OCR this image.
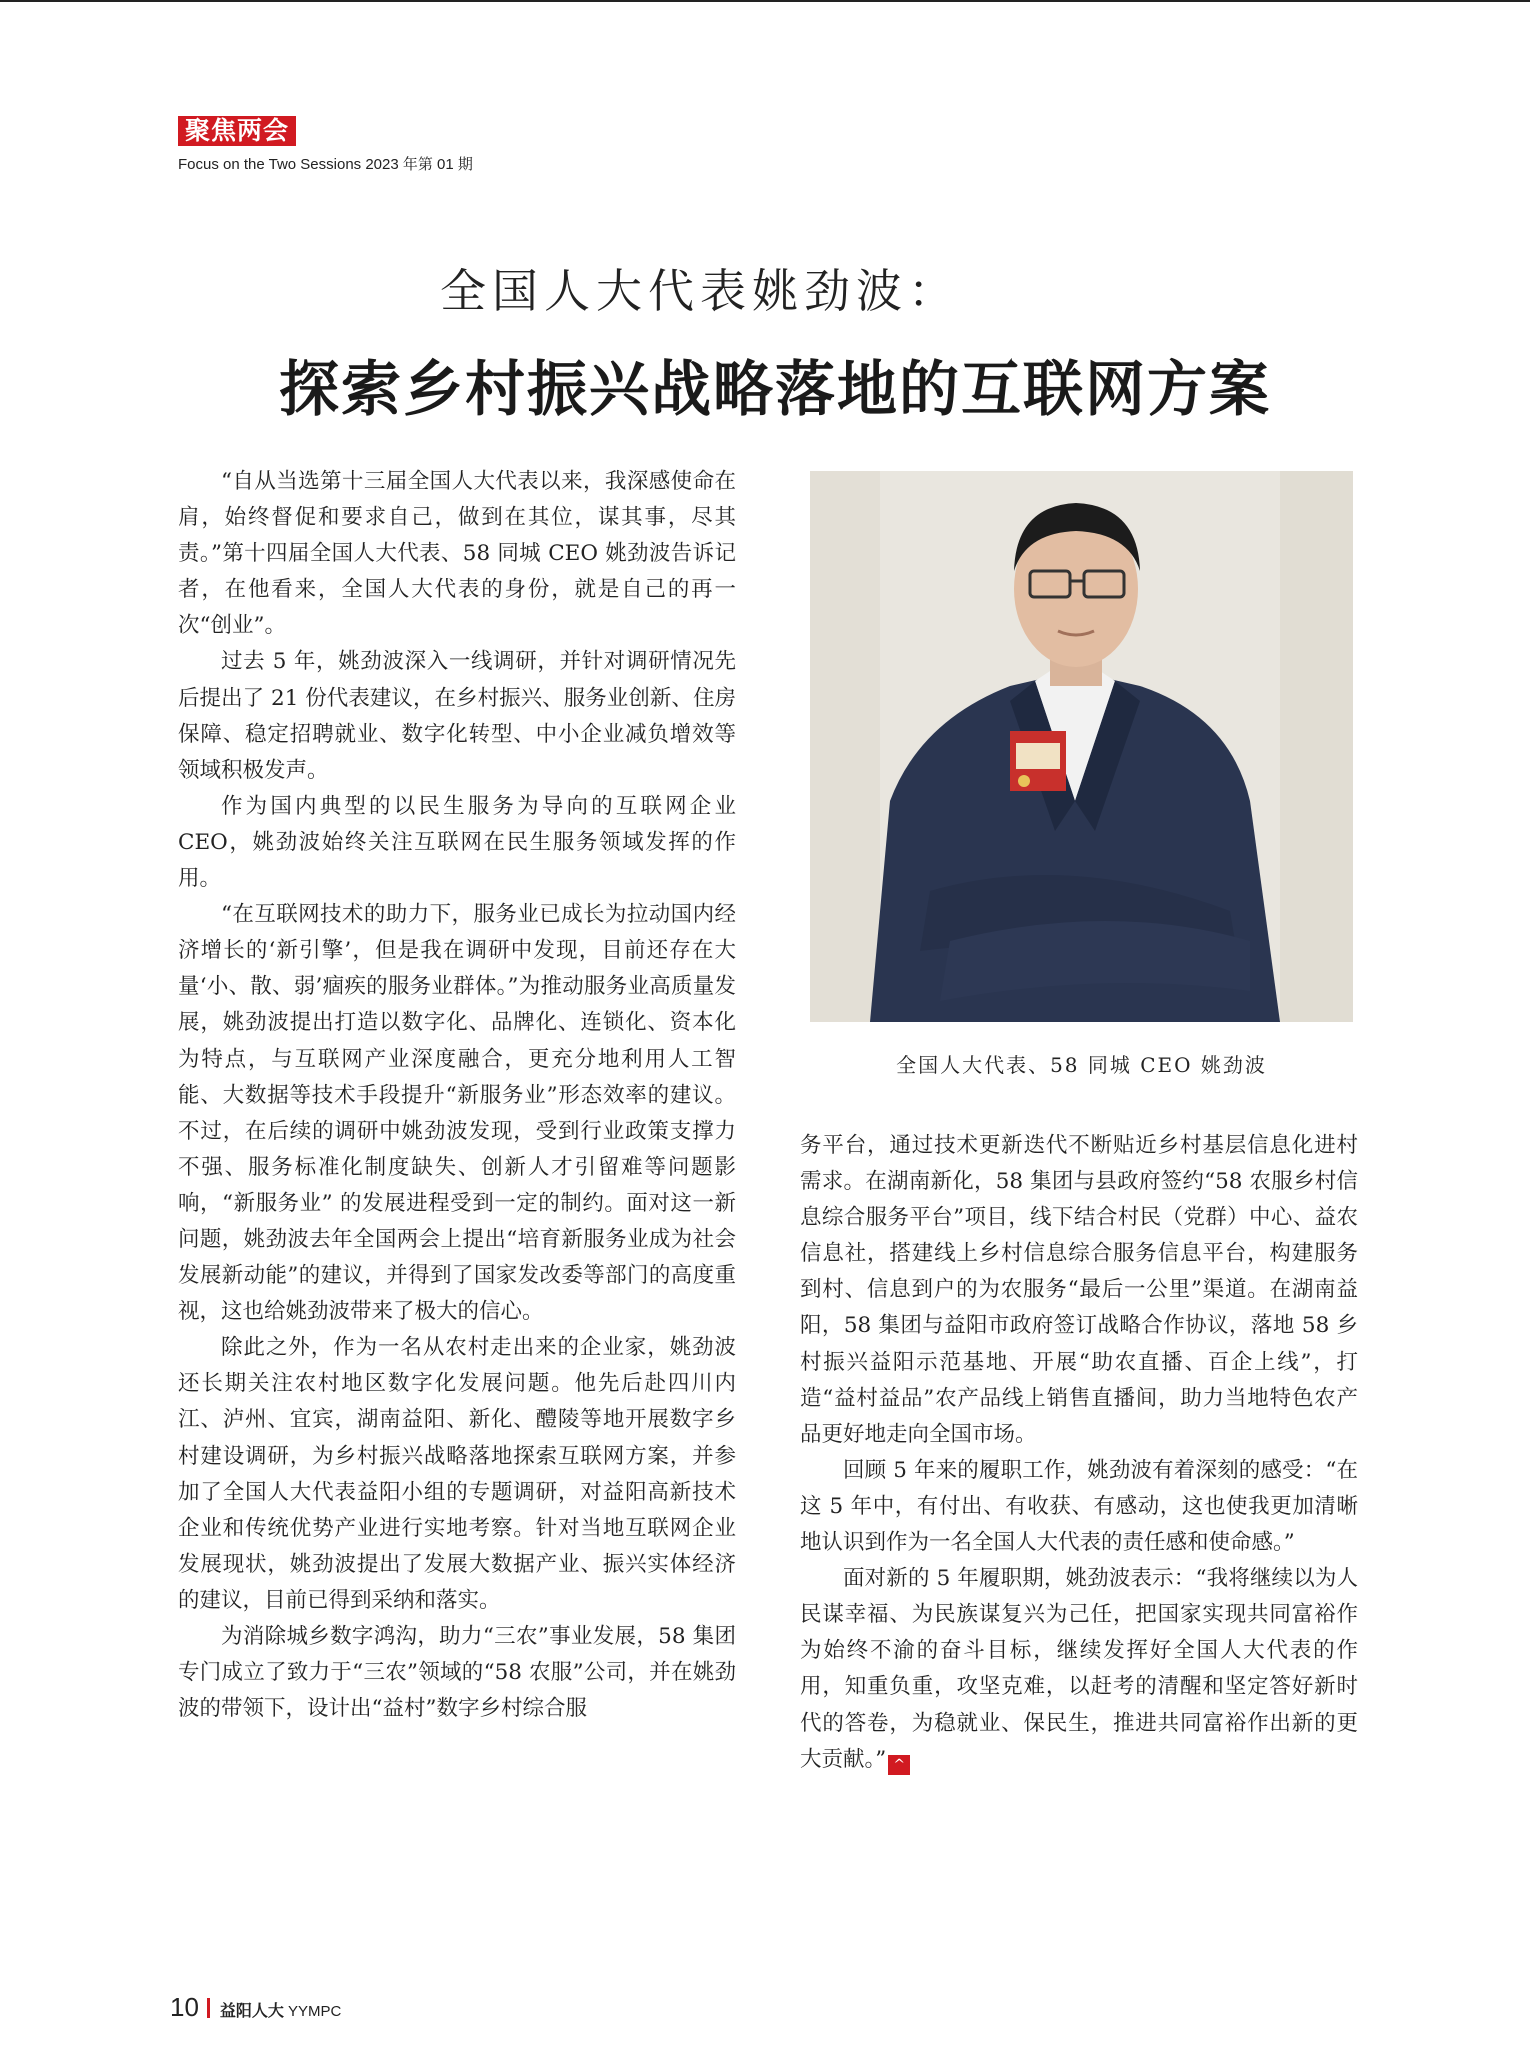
聚焦两会
Focus on the Two Sessions 2023 年第 01 期
全国人大代表姚劲波：
探索乡村振兴战略落地的互联网方案

“自从当选第十三届全国人大代表以来，我深感使命在肩，始终督促和要求自己，做到在其位，谋其事，尽其责。”第十四届全国人大代表、58 同城 CEO 姚劲波告诉记者，在他看来，全国人大代表的身份，就是自己的再一次“创业”。

过去 5 年，姚劲波深入一线调研，并针对调研情况先后提出了 21 份代表建议，在乡村振兴、服务业创新、住房保障、稳定招聘就业、数字化转型、中小企业减负增效等领域积极发声。

作为国内典型的以民生服务为导向的互联网企业CEO，姚劲波始终关注互联网在民生服务领域发挥的作用。

“在互联网技术的助力下，服务业已成长为拉动国内经济增长的‘新引擎’，但是我在调研中发现，目前还存在大量‘小、散、弱’痼疾的服务业群体。”为推动服务业高质量发展，姚劲波提出打造以数字化、品牌化、连锁化、资本化为特点，与互联网产业深度融合，更充分地利用人工智能、大数据等技术手段提升“新服务业”形态效率的建议。不过，在后续的调研中姚劲波发现，受到行业政策支撑力不强、服务标准化制度缺失、创新人才引留难等问题影响，“新服务业” 的发展进程受到一定的制约。面对这一新问题，姚劲波去年全国两会上提出“培育新服务业成为社会发展新动能”的建议，并得到了国家发改委等部门的高度重视，这也给姚劲波带来了极大的信心。

除此之外，作为一名从农村走出来的企业家，姚劲波还长期关注农村地区数字化发展问题。他先后赴四川内江、泸州、宜宾，湖南益阳、新化、醴陵等地开展数字乡村建设调研，为乡村振兴战略落地探索互联网方案，并参加了全国人大代表益阳小组的专题调研，对益阳高新技术企业和传统优势产业进行实地考察。针对当地互联网企业发展现状，姚劲波提出了发展大数据产业、振兴实体经济的建议，目前已得到采纳和落实。

为消除城乡数字鸿沟，助力“三农”事业发展，58 集团专门成立了致力于“三农”领域的“58 农服”公司，并在姚劲波的带领下，设计出“益村”数字乡村综合服

全国人大代表、58 同城 CEO 姚劲波

务平台，通过技术更新迭代不断贴近乡村基层信息化进村需求。在湖南新化，58 集团与县政府签约“58 农服乡村信息综合服务平台”项目，线下结合村民（党群）中心、益农信息社，搭建线上乡村信息综合服务信息平台，构建服务到村、信息到户的为农服务“最后一公里”渠道。在湖南益阳，58 集团与益阳市政府签订战略合作协议，落地 58 乡村振兴益阳示范基地、开展“助农直播、百企上线”，打造“益村益品”农产品线上销售直播间，助力当地特色农产品更好地走向全国市场。

回顾 5 年来的履职工作，姚劲波有着深刻的感受：“在这 5 年中，有付出、有收获、有感动，这也使我更加清晰地认识到作为一名全国人大代表的责任感和使命感。”

面对新的 5 年履职期，姚劲波表示：“我将继续以为人民谋幸福、为民族谋复兴为己任，把国家实现共同富裕作为始终不渝的奋斗目标，继续发挥好全国人大代表的作用，知重负重，攻坚克难，以赶考的清醒和坚定答好新时代的答卷，为稳就业、保民生，推进共同富裕作出新的更大贡献。” ^

10 益阳人大 YYMPC
